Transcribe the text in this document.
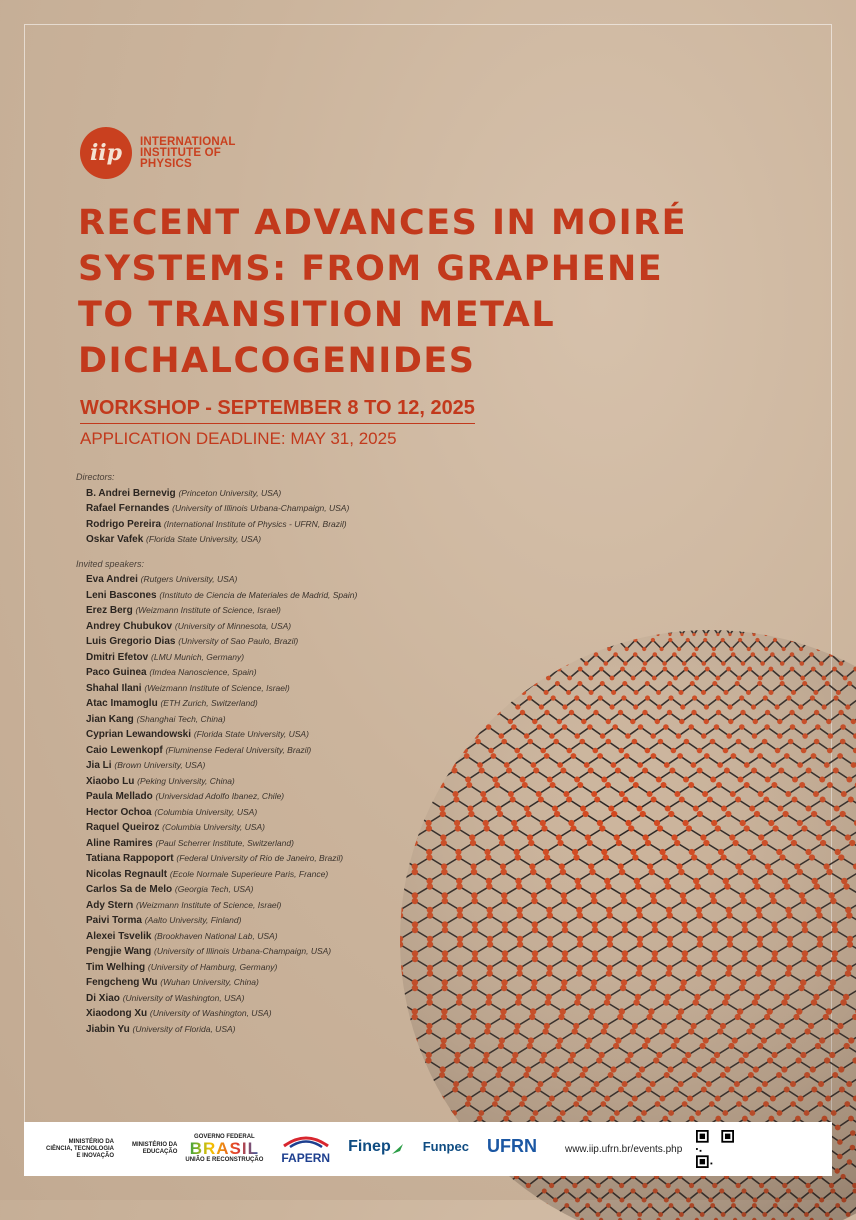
iip	INTERNATIONAL
INSTITUTE OF
PHYSICS
RECENT ADVANCES IN MOIRÉ
SYSTEMS: FROM GRAPHENE
TO TRANSITION METAL
DICHALCOGENIDES
WORKSHOP - SEPTEMBER 8 TO 12, 2025
APPLICATION DEADLINE: MAY 31, 2025
Directors:
B. Andrei Bernevig (Princeton University, USA)
Rafael Fernandes (University of Illinois Urbana-Champaign, USA)
Rodrigo Pereira (International Institute of Physics - UFRN, Brazil)
Oskar Vafek (Florida State University, USA)
Invited speakers:
Eva Andrei (Rutgers University, USA)
Leni Bascones (Instituto de Ciencia de Materiales de Madrid, Spain)
Erez Berg (Weizmann Institute of Science, Israel)
Andrey Chubukov (University of Minnesota, USA)
Luis Gregorio Dias (University of Sao Paulo, Brazil)
Dmitri Efetov (LMU Munich, Germany)
Paco Guinea (Imdea Nanoscience, Spain)
Shahal Ilani (Weizmann Institute of Science, Israel)
Atac Imamoglu (ETH Zurich, Switzerland)
Jian Kang (Shanghai Tech, China)
Cyprian Lewandowski (Florida State University, USA)
Caio Lewenkopf (Fluminense Federal University, Brazil)
Jia Li (Brown University, USA)
Xiaobo Lu (Peking University, China)
Paula Mellado (Universidad Adolfo Ibanez, Chile)
Hector Ochoa (Columbia University, USA)
Raquel Queiroz (Columbia University, USA)
Aline Ramires (Paul Scherrer Institute, Switzerland)
Tatiana Rappoport (Federal University of Rio de Janeiro, Brazil)
Nicolas Regnault (Ecole Normale Superieure Paris, France)
Carlos Sa de Melo (Georgia Tech, USA)
Ady Stern (Weizmann Institute of Science, Israel)
Paivi Torma (Aalto University, Finland)
Alexei Tsvelik (Brookhaven National Lab, USA)
Pengjie Wang (University of Illinois Urbana-Champaign, USA)
Tim Welhing (University of Hamburg, Germany)
Fengcheng Wu (Wuhan University, China)
Di Xiao (University of Washington, USA)
Xiaodong Xu (University of Washington, USA)
Jiabin Yu (University of Florida, USA)
MINISTÉRIO DA
CIÊNCIA, TECNOLOGIA
E INOVAÇÃO
MINISTÉRIO DA
EDUCAÇÃO
GOVERNO FEDERAL
BRASIL
UNIÃO E RECONSTRUÇÃO FAPERN
Finep
Funpec
UFRN
	www.iip.ufrn.br/events.php
